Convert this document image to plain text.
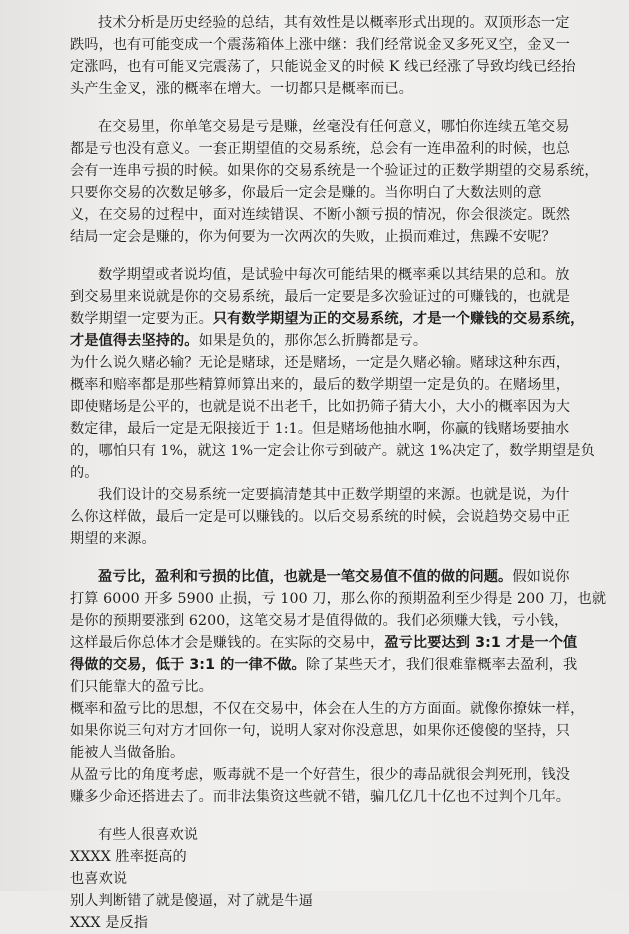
技术分析是历史经验的总结，其有效性是以概率形式出现的。双顶形态一定
跌吗，也有可能变成一个震荡箱体上涨中继：我们经常说金叉多死叉空，金叉一
定涨吗，也有可能叉完震荡了，只能说金叉的时候 K 线已经涨了导致均线已经抬
头产生金叉，涨的概率在增大。一切都只是概率而已。
在交易里，你单笔交易是亏是赚，丝毫没有任何意义，哪怕你连续五笔交易
都是亏也没有意义。一套正期望值的交易系统，总会有一连串盈利的时候，也总
会有一连串亏损的时候。如果你的交易系统是一个验证过的正数学期望的交易系统，
只要你交易的次数足够多，你最后一定会是赚的。当你明白了大数法则的意
义，在交易的过程中，面对连续错误、不断小额亏损的情况，你会很淡定。既然
结局一定会是赚的，你为何要为一次两次的失败，止损而难过，焦躁不安呢？
数学期望或者说均值，是试验中每次可能结果的概率乘以其结果的总和。放
到交易里来说就是你的交易系统，最后一定要是多次验证过的可赚钱的，也就是
数学期望一定要为正。只有数学期望为正的交易系统，才是一个赚钱的交易系统，
才是值得去坚持的。如果是负的，那你怎么折腾都是亏。
为什么说久赌必输？无论是赌球，还是赌场，一定是久赌必输。赌球这种东西，
概率和赔率都是那些精算师算出来的，最后的数学期望一定是负的。在赌场里，
即使赌场是公平的，也就是说不出老千，比如扔筛子猜大小，大小的概率因为大
数定律，最后一定是无限接近于 1:1。但是赌场他抽水啊，你赢的钱赌场要抽水
的，哪怕只有 1%，就这 1%一定会让你亏到破产。就这 1%决定了，数学期望是负
的。
我们设计的交易系统一定要搞清楚其中正数学期望的来源。也就是说，为什
么你这样做，最后一定是可以赚钱的。以后交易系统的时候，会说趋势交易中正
期望的来源。
盈亏比，盈利和亏损的比值，也就是一笔交易值不值的做的问题。假如说你
打算 6000 开多 5900 止损，亏 100 刀，那么你的预期盈利至少得是 200 刀，也就
是你的预期要涨到 6200，这笔交易才是值得做的。我们必须赚大钱，亏小钱，
这样最后你总体才会是赚钱的。在实际的交易中，盈亏比要达到 3:1 才是一个值
得做的交易，低于 3:1 的一律不做。除了某些天才，我们很难靠概率去盈利，我
们只能靠大的盈亏比。
概率和盈亏比的思想，不仅在交易中，体会在人生的方方面面。就像你撩妹一样，
如果你说三句对方才回你一句，说明人家对你没意思，如果你还傻傻的坚持，只
能被人当做备胎。
从盈亏比的角度考虑，贩毒就不是一个好营生，很少的毒品就很会判死刑，钱没
赚多少命还搭进去了。而非法集资这些就不错，骗几亿几十亿也不过判个几年。
有些人很喜欢说
XXXX 胜率挺高的
也喜欢说
别人判断错了就是傻逼，对了就是牛逼
XXX 是反指
